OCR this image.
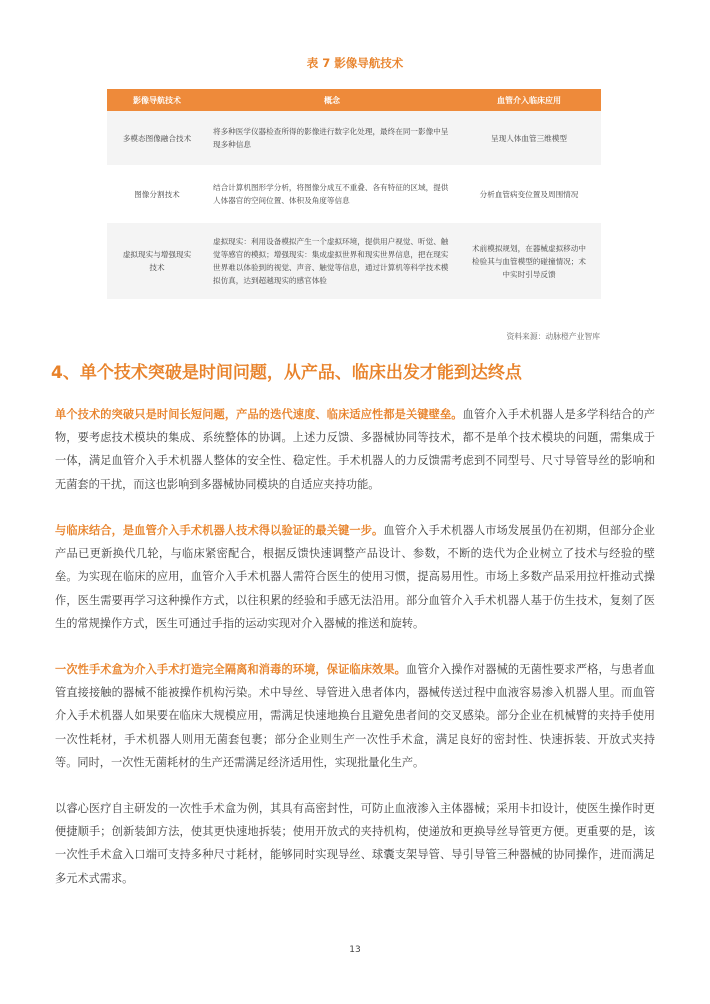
表 7 影像导航技术
影像导航技术	概念	血管介入临床应用
多模态图像融合技术	将多种医学仪器检查所得的影像进行数字化处理，最终在同一影像中呈现多种信息	呈现人体血管三维模型
图像分割技术	结合计算机图形学分析，将图像分成互不重叠、各有特征的区域，提供人体器官的空间位置、体积及角度等信息	分析血管病变位置及周围情况
虚拟现实与增强现实技术	虚拟现实：利用设备模拟产生一个虚拟环境，提供用户视觉、听觉、触觉等感官的模拟；增强现实：集成虚拟世界和现实世界信息，把在现实世界难以体验到的视觉、声音、触觉等信息，通过计算机等科学技术模拟仿真，达到超越现实的感官体验	术前模拟规划，在器械虚拟移动中检验其与血管模型的碰撞情况；术中实时引导反馈
资料来源：动脉橙产业智库
4、单个技术突破是时间问题，从产品、临床出发才能到达终点

单个技术的突破只是时间长短问题，产品的迭代速度、临床适应性都是关键壁垒。血管介入手术机器人是多学科结合的产物，要考虑技术模块的集成、系统整体的协调。上述力反馈、多器械协同等技术，都不是单个技术模块的问题，需集成于一体，满足血管介入手术机器人整体的安全性、稳定性。手术机器人的力反馈需考虑到不同型号、尺寸导管导丝的影响和无菌套的干扰，而这也影响到多器械协同模块的自适应夹持功能。

与临床结合，是血管介入手术机器人技术得以验证的最关键一步。血管介入手术机器人市场发展虽仍在初期，但部分企业产品已更新换代几轮，与临床紧密配合，根据反馈快速调整产品设计、参数，不断的迭代为企业树立了技术与经验的壁垒。为实现在临床的应用，血管介入手术机器人需符合医生的使用习惯，提高易用性。市场上多数产品采用拉杆推动式操作，医生需要再学习这种操作方式，以往积累的经验和手感无法沿用。部分血管介入手术机器人基于仿生技术，复刻了医生的常规操作方式，医生可通过手指的运动实现对介入器械的推送和旋转。

一次性手术盒为介入手术打造完全隔离和消毒的环境，保证临床效果。血管介入操作对器械的无菌性要求严格，与患者血管直接接触的器械不能被操作机构污染。术中导丝、导管进入患者体内，器械传送过程中血液容易渗入机器人里。而血管介入手术机器人如果要在临床大规模应用，需满足快速地换台且避免患者间的交叉感染。部分企业在机械臂的夹持手使用一次性耗材，手术机器人则用无菌套包裹；部分企业则生产一次性手术盒，满足良好的密封性、快速拆装、开放式夹持等。同时，一次性无菌耗材的生产还需满足经济适用性，实现批量化生产。

以睿心医疗自主研发的一次性手术盒为例，其具有高密封性，可防止血液渗入主体器械；采用卡扣设计，使医生操作时更便捷顺手；创新装卸方法，使其更快速地拆装；使用开放式的夹持机构，使递放和更换导丝导管更方便。更重要的是，该一次性手术盒入口端可支持多种尺寸耗材，能够同时实现导丝、球囊支架导管、导引导管三种器械的协同操作，进而满足多元术式需求。

13
